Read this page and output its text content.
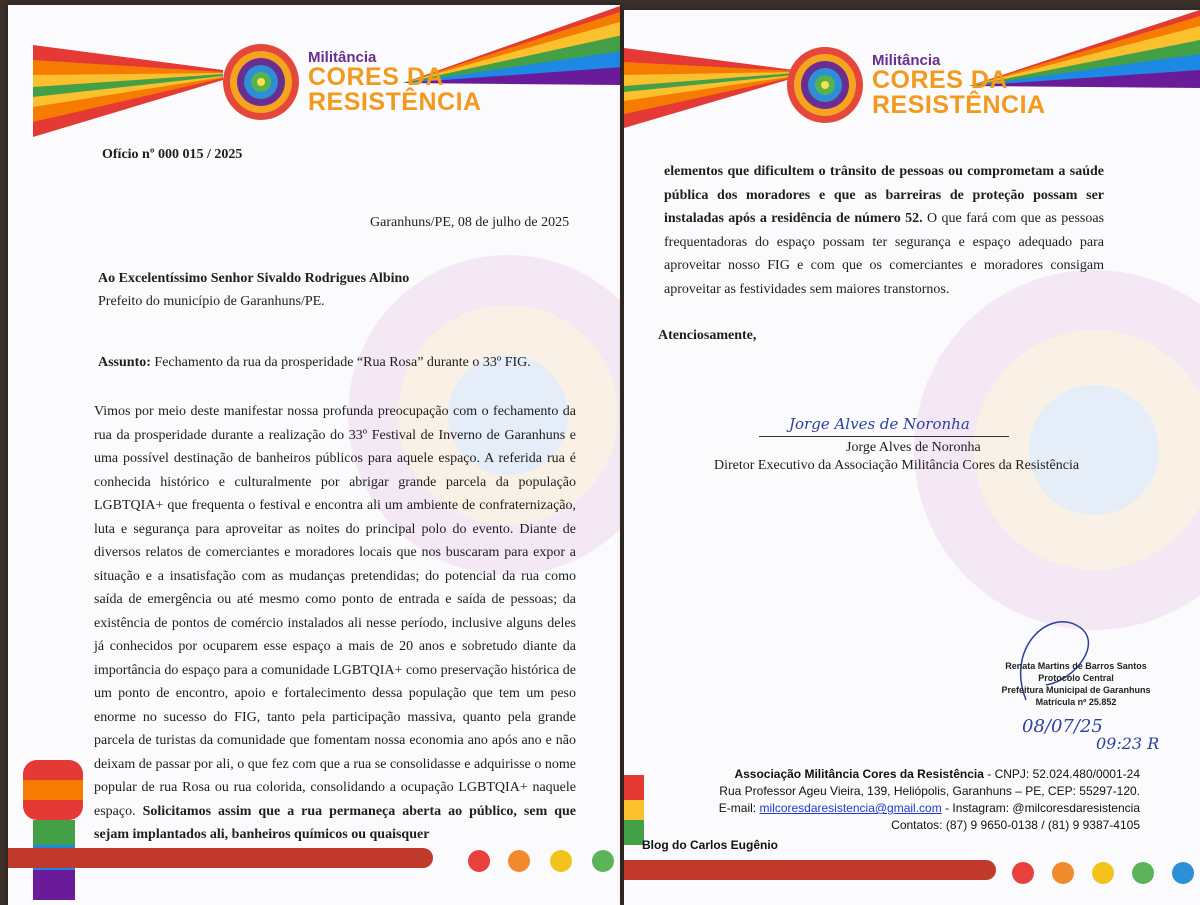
Militância
CORES DA
RESISTÊNCIA
Ofício nº 000 015 / 2025
Garanhuns/PE, 08 de julho de 2025
Ao Excelentíssimo Senhor Sivaldo Rodrigues Albino
Prefeito do município de Garanhuns/PE.
Assunto: Fechamento da rua da prosperidade “Rua Rosa” durante o 33º FIG.
Vimos por meio deste manifestar nossa profunda preocupação com o fechamento da rua da prosperidade durante a realização do 33º Festival de Inverno de Garanhuns e uma possível destinação de banheiros públicos para aquele espaço. A referida rua é conhecida histórico e culturalmente por abrigar grande parcela da população LGBTQIA+ que frequenta o festival e encontra ali um ambiente de confraternização, luta e segurança para aproveitar as noites do principal polo do evento. Diante de diversos relatos de comerciantes e moradores locais que nos buscaram para expor a situação e a insatisfação com as mudanças pretendidas; do potencial da rua como saída de emergência ou até mesmo como ponto de entrada e saída de pessoas; da existência de pontos de comércio instalados ali nesse período, inclusive alguns deles já conhecidos por ocuparem esse espaço a mais de 20 anos e sobretudo diante da importância do espaço para a comunidade LGBTQIA+ como preservação histórica de um ponto de encontro, apoio e fortalecimento dessa população que tem um peso enorme no sucesso do FIG, tanto pela participação massiva, quanto pela grande parcela de turistas da comunidade que fomentam nossa economia ano após ano e não deixam de passar por ali, o que fez com que a rua se consolidasse e adquirisse o nome popular de rua Rosa ou rua colorida, consolidando a ocupação LGBTQIA+ naquele espaço. Solicitamos assim que a rua permaneça aberta ao público, sem que sejam implantados ali, banheiros químicos ou quaisquer
Militância
CORES DA
RESISTÊNCIA
elementos que dificultem o trânsito de pessoas ou comprometam a saúde pública dos moradores e que as barreiras de proteção possam ser instaladas após a residência de número 52. O que fará com que as pessoas frequentadoras do espaço possam ter segurança e espaço adequado para aproveitar nosso FIG e com que os comerciantes e moradores consigam aproveitar as festividades sem maiores transtornos.
Atenciosamente,
Jorge Alves de Noronha
Jorge Alves de Noronha
Diretor Executivo da Associação Militância Cores da Resistência
Renata Martins de Barros Santos
Protocolo Central
Prefeitura Municipal de Garanhuns
Matrícula nº 25.852
08/07/25
09:23 R
Associação Militância Cores da Resistência - CNPJ: 52.024.480/0001-24
Rua Professor Ageu Vieira, 139, Heliópolis, Garanhuns – PE, CEP: 55297-120.
E-mail: milcoresdaresistencia@gmail.com - Instagram: @milcoresdaresistencia
Contatos: (87) 9 9650-0138 / (81) 9 9387-4105
Blog do Carlos Eugênio
